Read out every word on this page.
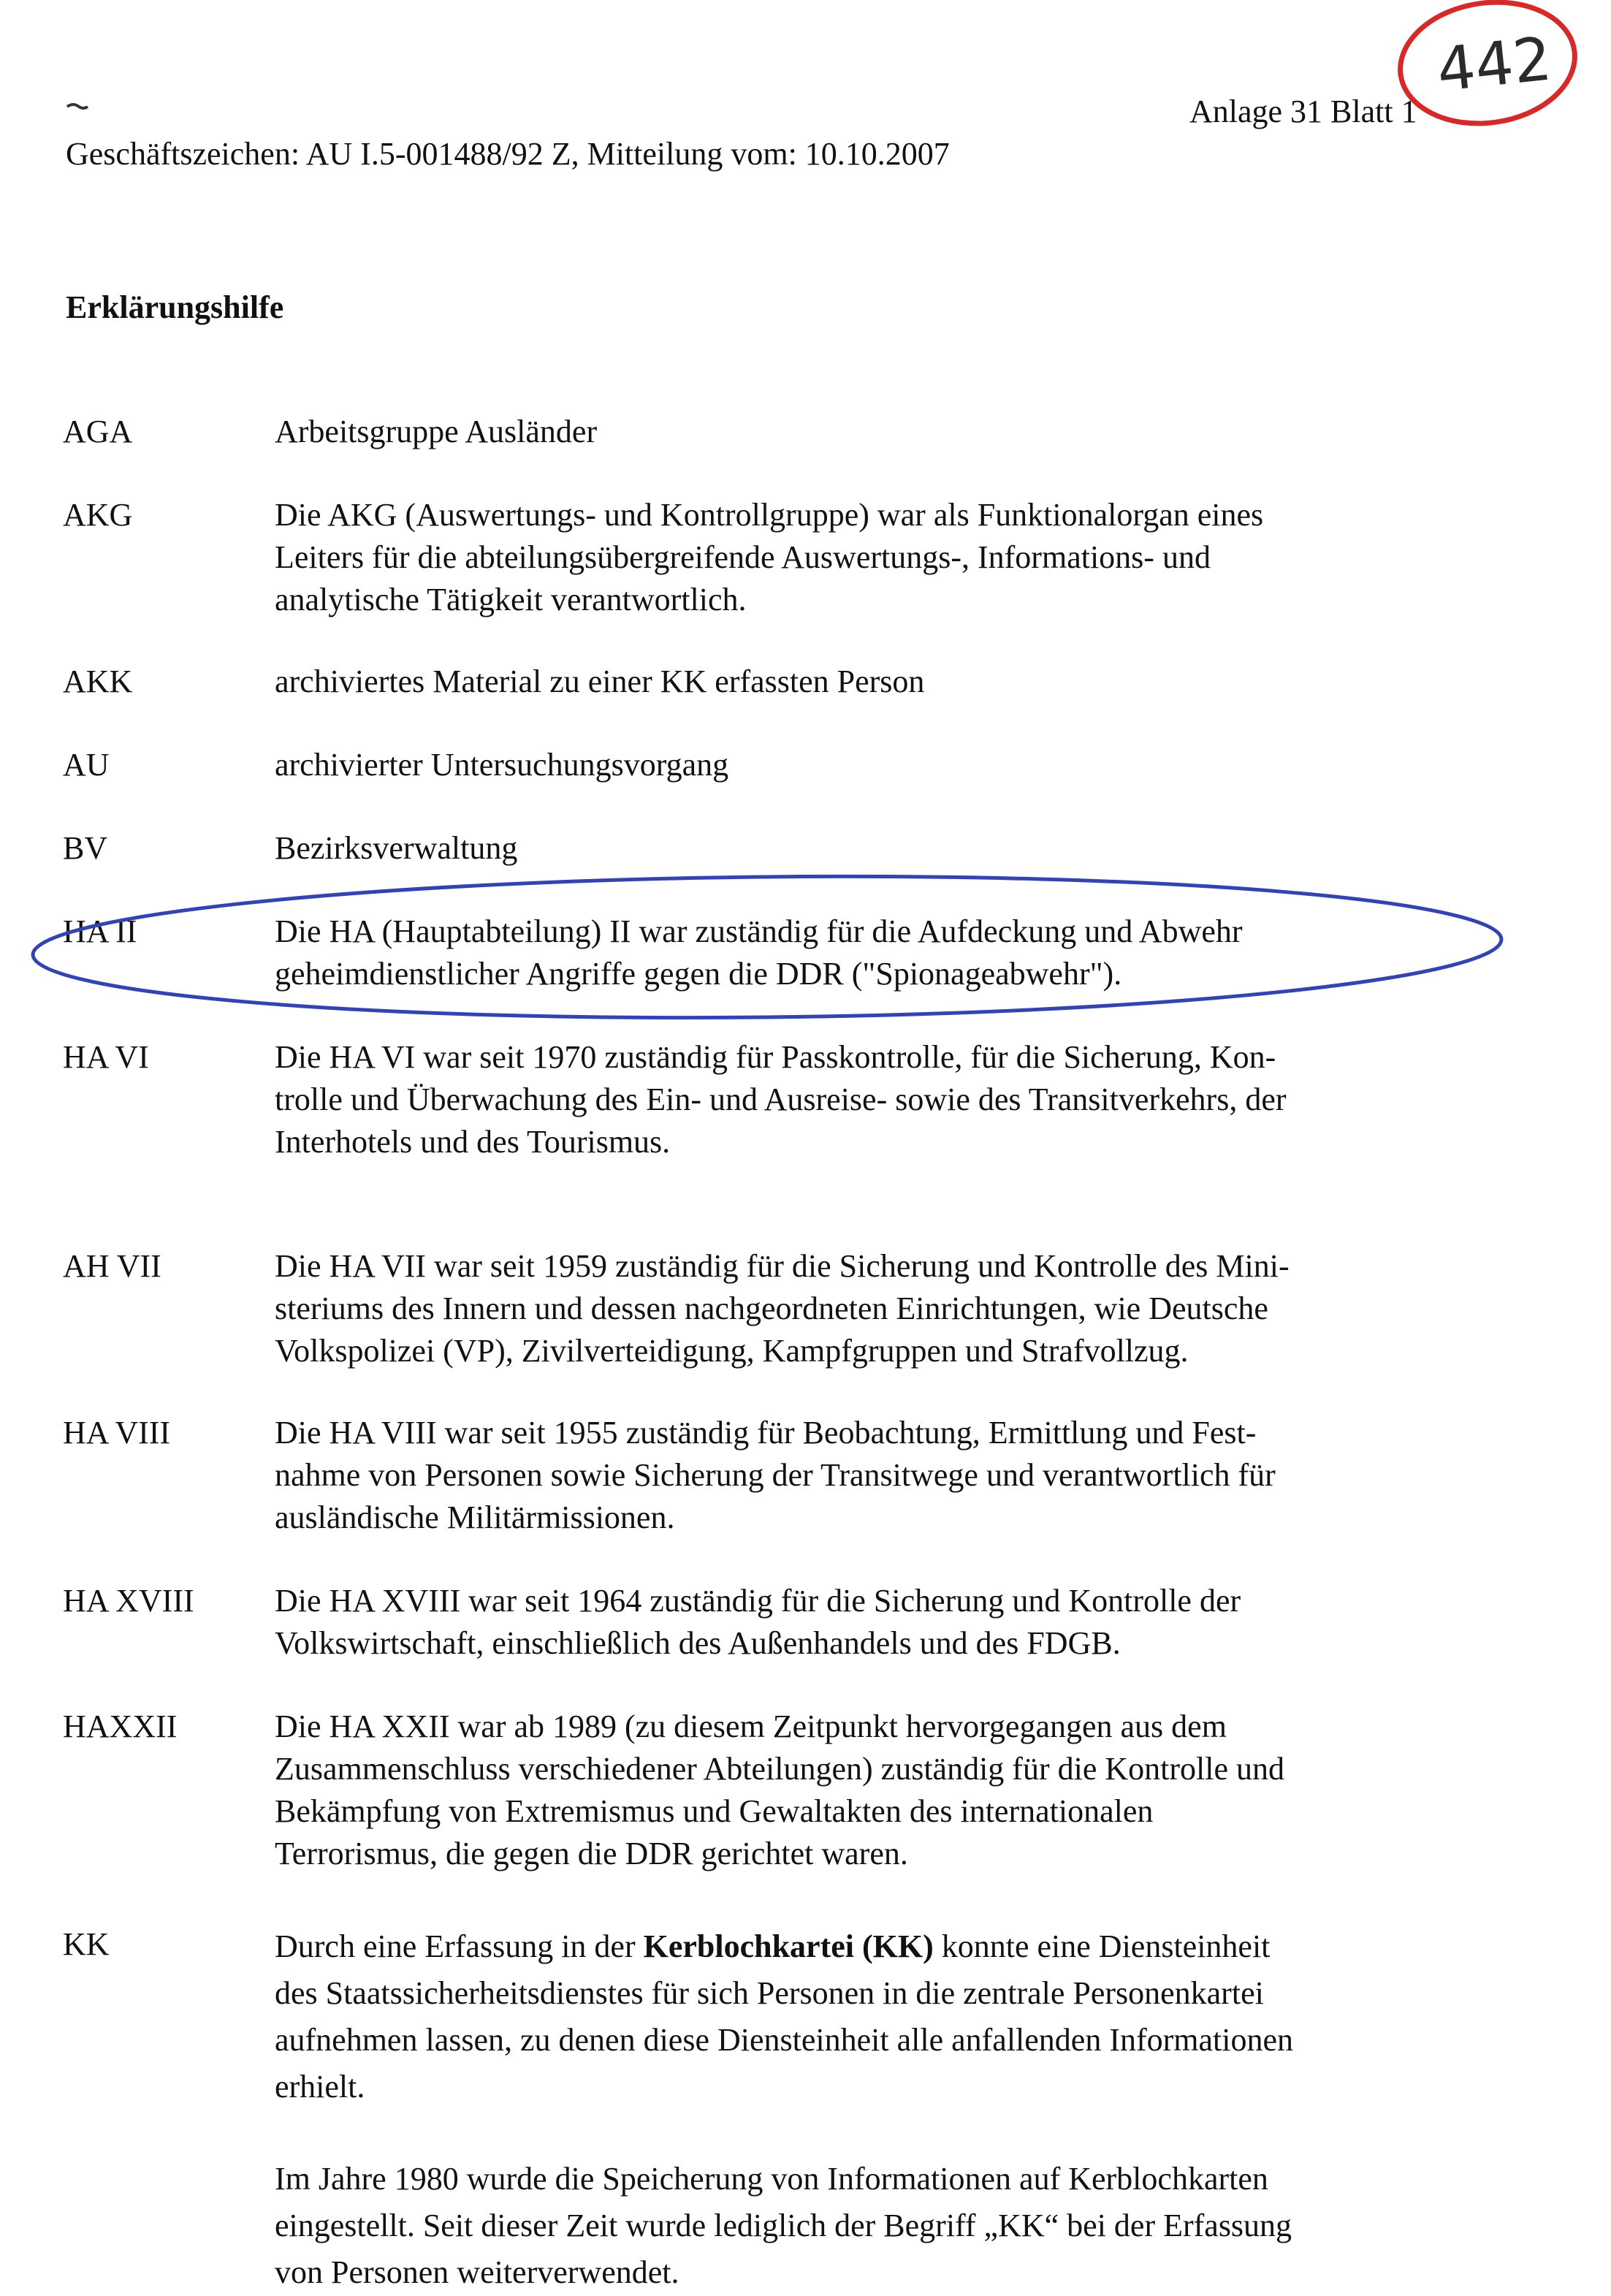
Anlage 31 Blatt 1
Geschäftszeichen: AU I.5-001488/92 Z, Mitteilung vom: 10.10.2007
Erklärungshilfe
AGA	Arbeitsgruppe Ausländer
AKG	Die AKG (Auswertungs- und Kontrollgruppe) war als Funktionalorgan eines
Leiters für die abteilungsübergreifende Auswertungs-, Informations- und
analytische Tätigkeit verantwortlich.
AKK	archiviertes Material zu einer KK erfassten Person
AU	archivierter Untersuchungsvorgang
BV	Bezirksverwaltung
HA II	Die HA (Hauptabteilung) II war zuständig für die Aufdeckung und Abwehr
geheimdienstlicher Angriffe gegen die DDR ("Spionageabwehr").
HA VI	Die HA VI war seit 1970 zuständig für Passkontrolle, für die Sicherung, Kon-
trolle und Überwachung des Ein- und Ausreise- sowie des Transitverkehrs, der
Interhotels und des Tourismus.
AH VII	Die HA VII war seit 1959 zuständig für die Sicherung und Kontrolle des Mini-
steriums des Innern und dessen nachgeordneten Einrichtungen, wie Deutsche
Volkspolizei (VP), Zivilverteidigung, Kampfgruppen und Strafvollzug.
HA VIII	Die HA VIII war seit 1955 zuständig für Beobachtung, Ermittlung und Fest-
nahme von Personen sowie Sicherung der Transitwege und verantwortlich für
ausländische Militärmissionen.
HA XVIII	Die HA XVIII war seit 1964 zuständig für die Sicherung und Kontrolle der
Volkswirtschaft, einschließlich des Außenhandels und des FDGB.
HAXXII	Die HA XXII war ab 1989 (zu diesem Zeitpunkt hervorgegangen aus dem
Zusammenschluss verschiedener Abteilungen) zuständig für die Kontrolle und
Bekämpfung von Extremismus und Gewaltakten des internationalen
Terrorismus, die gegen die DDR gerichtet waren.
KK	Durch eine Erfassung in der Kerblochkartei (KK) konnte eine Diensteinheit
des Staatssicherheitsdienstes für sich Personen in die zentrale Personenkartei
aufnehmen lassen, zu denen diese Diensteinheit alle anfallenden Informationen
erhielt.
Im Jahre 1980 wurde die Speicherung von Informationen auf Kerblochkarten
eingestellt. Seit dieser Zeit wurde lediglich der Begriff „KK“ bei der Erfassung
von Personen weiterverwendet.
442
